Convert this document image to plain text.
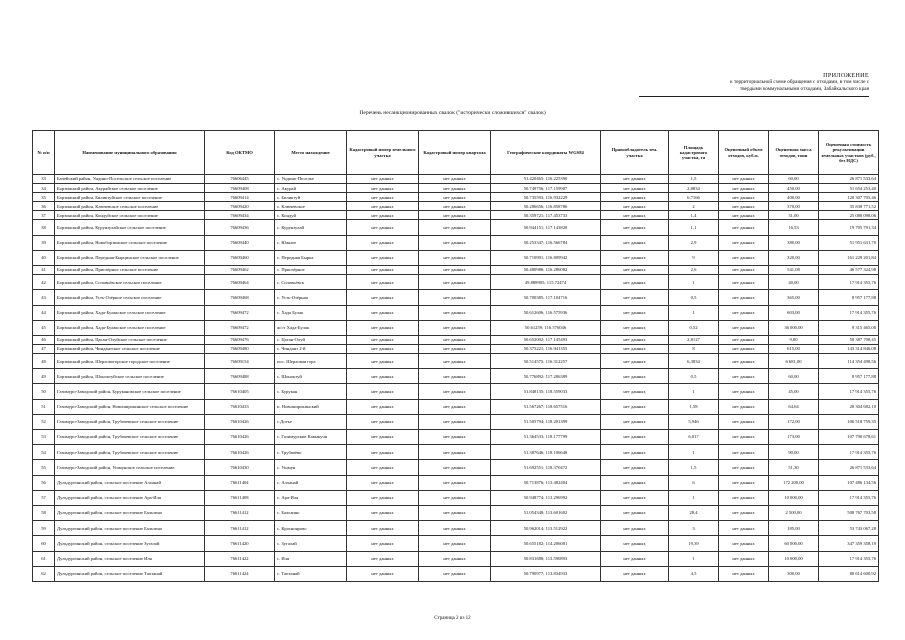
ПРИЛОЖЕНИЕ
к территориальной схеме обращения с отходами, в том числе с
твердыми коммунальными отходами, Забайкальского края
Перечень несанкционированных свалок ("исторически сложившихся" свалок)
№ п/п	Наименование муниципального образования	Код ОКТМО	Место нахождение	Кадастровый номер земельного участка	Кадастровый номер квартала	Географические координаты WGS84	Правообладатель зем. участка	Площадь кадастрового участка, га	Оценочный объем отходов, куб.м.	Оценочная масса отходов, тонн	Оценочная стоимость рекультивации земельных участков (руб., без НДС)
33	Балейский район, Ундино-Посельское сельское поселение	76606445	с. Ундино-Поселье	нет данных	нет данных	51.420465; 116.225390	нет данных	1,5	нет данных	60,00	26 871 533,64
34	Борзинский район, Акурайское сельское поселение	76609408	с. Акурай	нет данных	нет данных	50.749756; 117.159907	нет данных	2,8834	нет данных	450,00	51 654 253,40
35	Борзинский район, Биликтуйское сельское поселение	76609414	с. Биликтуй	нет данных	нет данных	50.735593; 116.932229	нет данных	6,7166	нет данных	400,00	120 307 705,46
36	Борзинский район, Ключевское сельское поселение	76609420	с. Ключевское	нет данных	нет данных	50.286656; 116.858786	нет данных	2	нет данных	370,00	35 838 771,52
37	Борзинский район, Кондуйское сельское поселение	76609434	с. Кондуй	нет данных	нет данных	50.359721; 117.453733	нет данных	1,4	нет данных	31,00	25 080 098,06
38	Борзинский район, Курунзулайское сельское поселение	76609436	с. Курунзулай	нет данных	нет данных	50.944151; 117.143828	нет данных	1,1	нет данных	16,53	19 705 791,34
39	Борзинский район, Новоборзинское сельское поселение	76609440	с. Южное	нет данных	нет данных	50.253347; 116.566784	нет данных	2,9	нет данных	380,00	51 951 631,70
40	Борзинский район, Передняя-Бырцинское сельское поселение	76609460	с. Передняя Бырка	нет данных	нет данных	50.710991; 116.809942	нет данных	9	нет данных	320,00	161 229 201,84
41	Борзинский район, Приозёрное сельское поселение	76609462	с. Приозёрное	нет данных	нет данных	50.480986; 116.286082	нет данных	2,6	нет данных	541,08	46 577 324,98
42	Борзинский район, Соловьёвское сельское поселение	76609464	с. Соловьёвск	нет данных	нет данных	49.888905; 115.72474	нет данных	1	нет данных	40,00	17 914 355,76
43	Борзинский район, Усть-Озёрное сельское поселение	76609468	с. Усть-Озёрная	нет данных	нет данных	50.700385; 117.104716	нет данных	0,5	нет данных	365,00	8 957 177,88
44	Борзинский район, Хада-Булакское сельское поселение	76609472	с. Хада Булак	нет данных	нет данных	50.612606; 116.575936	нет данных	1	нет данных	603,00	17 914 355,76
45	Борзинский район, Хада-Булакское сельское поселение	76609472	ж/ст Хада-Булак	нет данных	нет данных	50.61259; 116.576046	нет данных	0,52	нет данных	36 000,00	9 315 465,00
46	Борзинский район, Цаган-Олуйское сельское поселение	76609476	с. Цаган-Олуй	нет данных	нет данных	50.652002; 117.145493	нет данных	2,8127	нет данных	9,00	50 387 708,45
47	Борзинский район, Чиндантское сельское поселение	76609480	с. Чиндант 2-й	нет данных	нет данных	50.375221; 116.941355	нет данных	8	нет данных	615,00	143 314 846,08
48	Борзинский район, Шерловогорское городское поселение	76609154	пос. Шерловая гора	нет данных	нет данных	50.514575; 116.312257	нет данных	6,3834	нет данных	6 681,00	114 354 498,56
49	Борзинский район, Шоноктуйское сельское поселение	76609488	с. Шоноктуй	нет данных	нет данных	50.776892; 117.286389	нет данных	0,5	нет данных	60,00	8 957 177,88
50	Газимуро-Заводский район, Бурукановское сельское поселение	76610405	с. Бурукан	нет данных	нет данных	51.848135; 118.559033	нет данных	1	нет данных	45,00	17 914 355,76
51	Газимуро-Заводский район, Новоширокинское сельское поселение	76610433	п. Новоширокинский	нет данных	нет данных	51.567267; 118.657516	нет данных	1,58	нет данных	64,64	28 304 682,10
52	Газимуро-Заводский район, Трубачевское сельское поселение	76610426	с.Догъе	нет данных	нет данных	51.505794; 118.201399	нет данных	5,946	нет данных	172,00	106 518 759,35
53	Газимуро-Заводский район, Трубачевское сельское поселение	76610426	с. Газимурские Кавыкучи	нет данных	нет данных	51.364533; 118.177799	нет данных	6,017	нет данных	173,00	107 790 678,61
54	Газимуро-Заводский район, Трубачевское сельское поселение	76610426	с. Трубачёво	нет данных	нет данных	51.387646; 118.106648	нет данных	1	нет данных	90,00	17 914 355,76
55	Газимуро-Заводский район, Ушмунское сельское поселение	76610430	с. Ушмун	нет данных	нет данных	51.692551; 118.370472	нет данных	1,5	нет данных	51,30	26 871 533,64
56	Дульдургинский район, сельское поселение Алханай	76611404	с. Алханай	нет данных	нет данных	50.713876; 113.482404	нет данных	6	нет данных	172 200,00	107 486 134,56
57	Дульдургинский район, сельское поселение Ара-Иля	76611408	с. Ара-Иля	нет данных	нет данных	50.948774; 113.296992	нет данных	1	нет данных	10 000,00	17 914 355,76
58	Дульдургинский район, сельское поселение Бальзино	76611412	с. Бальзино	нет данных	нет данных	51.054348; 113.601602	нет данных	28,4	нет данных	2 500,00	508 767 703,58
59	Дульдургинский район, сельское поселение Бальзино	76611412	с. Красноярово	нет данных	нет данных	50.962014; 113.512922	нет данных	3	нет данных	185,00	53 743 067,28
60	Дульдургинский район, сельское поселение Зугалай	76611420	с. Зугалай	нет данных	нет данных	50.655182; 114.206081	нет данных	19,39	нет данных	60 000,00	347 359 358,19
61	Дульдургинский район, сельское поселение Иля	76611422	с. Иля	нет данных	нет данных	50.831688; 113.590893	нет данных	1	нет данных	10 000,00	17 914 355,76
62	Дульдургинский район, сельское поселение Таптанай	76611424	с. Таптанай	нет данных	нет данных	50.790977; 113.834933	нет данных	4,5	нет данных	300,00	80 614 600,92
Страница 2 из 12
